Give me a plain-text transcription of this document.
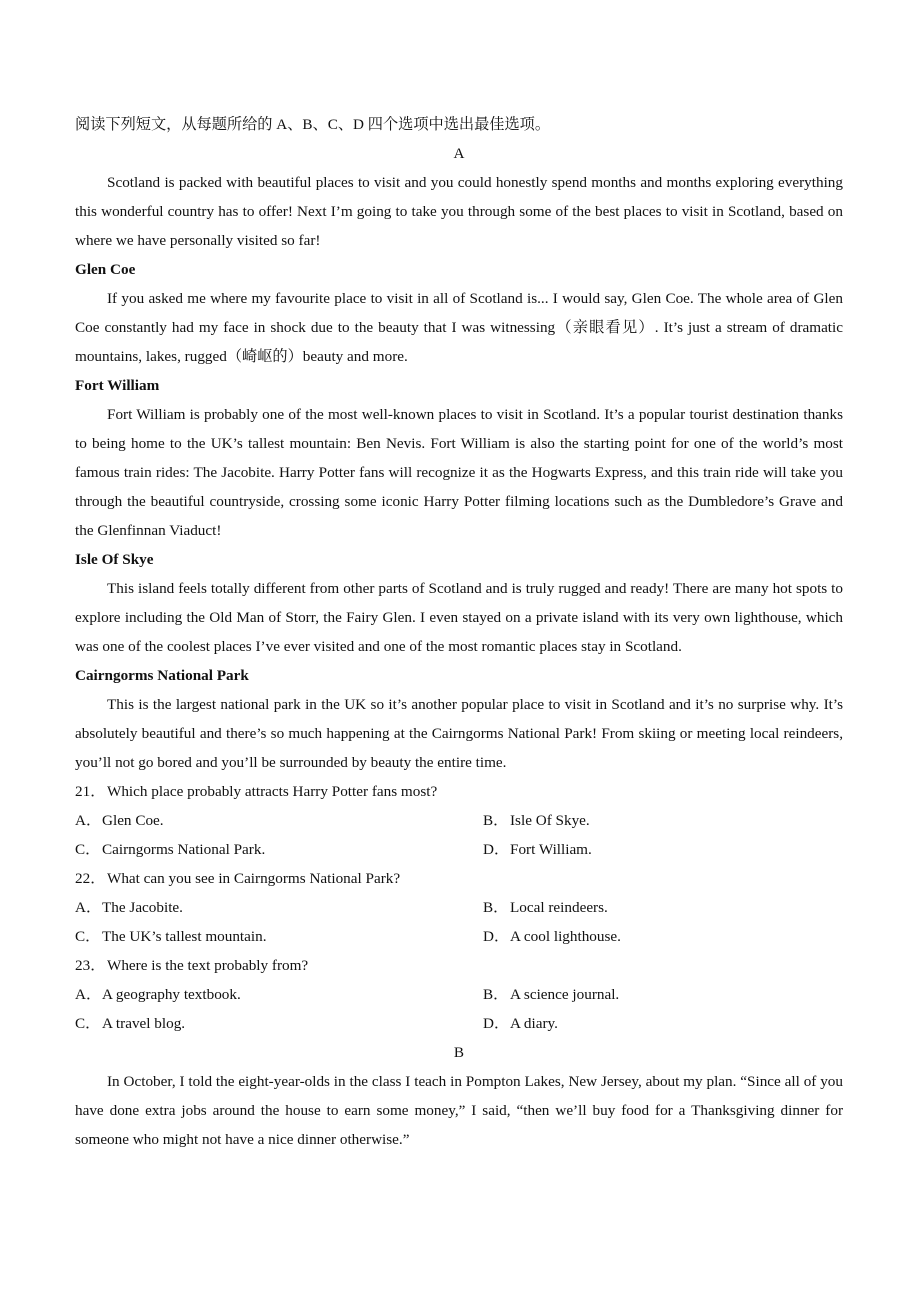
阅读下列短文，从每题所给的 A、B、C、D 四个选项中选出最佳选项。

A

Scotland is packed with beautiful places to visit and you could honestly spend months and months exploring everything this wonderful country has to offer! Next I’m going to take you through some of the best places to visit in Scotland, based on where we have personally visited so far!

Glen Coe

If you asked me where my favourite place to visit in all of Scotland is... I would say, Glen Coe. The whole area of Glen Coe constantly had my face in shock due to the beauty that I was witnessing（亲眼看见）. It’s just a stream of dramatic mountains, lakes, rugged（崎岖的）beauty and more.

Fort William

Fort William is probably one of the most well-known places to visit in Scotland. It’s a popular tourist destination thanks to being home to the UK’s tallest mountain: Ben Nevis. Fort William is also the starting point for one of the world’s most famous train rides: The Jacobite. Harry Potter fans will recognize it as the Hogwarts Express, and this train ride will take you through the beautiful countryside, crossing some iconic Harry Potter filming locations such as the Dumbledore’s Grave and the Glenfinnan Viaduct!

Isle Of Skye

This island feels totally different from other parts of Scotland and is truly rugged and ready! There are many hot spots to explore including the Old Man of Storr, the Fairy Glen. I even stayed on a private island with its very own lighthouse, which was one of the coolest places I’ve ever visited and one of the most romantic places stay in Scotland.

Cairngorms National Park

This is the largest national park in the UK so it’s another popular place to visit in Scotland and it’s no surprise why. It’s absolutely beautiful and there’s so much happening at the Cairngorms National Park! From skiing or meeting local reindeers, you’ll not go bored and you’ll be surrounded by beauty the entire time.

21． Which place probably attracts Harry Potter fans most?

A．Glen Coe.	B． Isle Of Skye.
C． Cairngorms National Park.	D．Fort William.

22． What can you see in Cairngorms National Park?

A．The Jacobite.	B． Local reindeers.
C． The UK’s tallest mountain.	D．A cool lighthouse.

23． Where is the text probably from?

A．A geography textbook.	B． A science journal.
C． A travel blog.	D．A diary.

B

In October, I told the eight-year-olds in the class I teach in Pompton Lakes, New Jersey, about my plan. “Since all of you have done extra jobs around the house to earn some money,” I said, “then we’ll buy food for a Thanksgiving dinner for someone who might not have a nice dinner otherwise.”
